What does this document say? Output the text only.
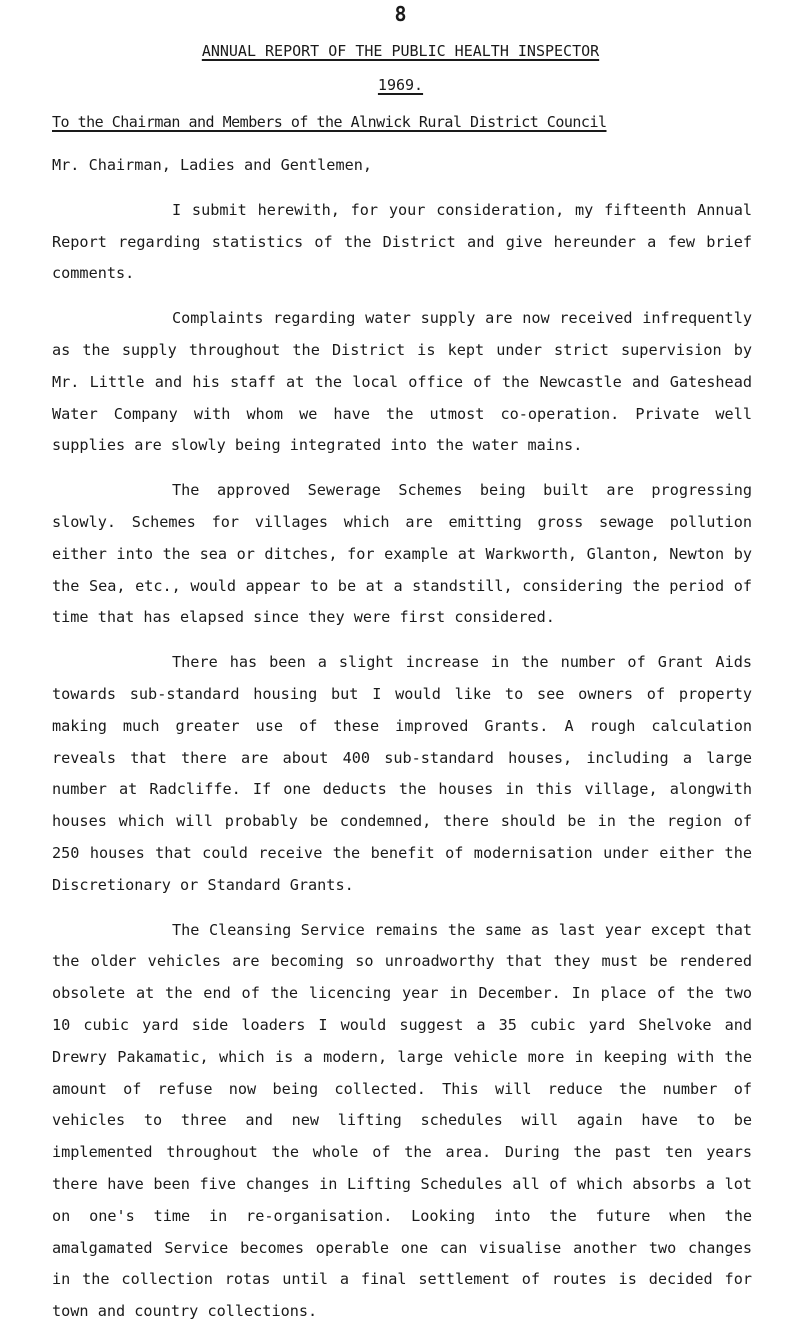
8
ANNUAL REPORT OF THE PUBLIC HEALTH INSPECTOR
1969.
To the Chairman and Members of the Alnwick Rural District Council

Mr. Chairman, Ladies and Gentlemen,

I submit herewith, for your consideration, my fifteenth Annual Report regarding statistics of the District and give hereunder a few brief comments.

Complaints regarding water supply are now received infrequently as the supply throughout the District is kept under strict supervision by Mr. Little and his staff at the local office of the Newcastle and Gateshead Water Company with whom we have the utmost co-operation. Private well supplies are slowly being integrated into the water mains.

The approved Sewerage Schemes being built are progressing slowly. Schemes for villages which are emitting gross sewage pollution either into the sea or ditches, for example at Warkworth, Glanton, Newton by the Sea, etc., would appear to be at a standstill, considering the period of time that has elapsed since they were first considered.

There has been a slight increase in the number of Grant Aids towards sub-standard housing but I would like to see owners of property making much greater use of these improved Grants. A rough calculation reveals that there are about 400 sub-standard houses, including a large number at Radcliffe. If one deducts the houses in this village, alongwith houses which will probably be condemned, there should be in the region of 250 houses that could receive the benefit of modernisation under either the Discretionary or Standard Grants.

The Cleansing Service remains the same as last year except that the older vehicles are becoming so unroadworthy that they must be rendered obsolete at the end of the licencing year in December. In place of the two 10 cubic yard side loaders I would suggest a 35 cubic yard Shelvoke and Drewry Pakamatic, which is a modern, large vehicle more in keeping with the amount of refuse now being collected. This will reduce the number of vehicles to three and new lifting schedules will again have to be implemented throughout the whole of the area. During the past ten years there have been five changes in Lifting Schedules all of which absorbs a lot on one's time in re-organisation. Looking into the future when the amalgamated Service becomes operable one can visualise another two changes in the collection rotas until a final settlement of routes is decided for town and country collections.
